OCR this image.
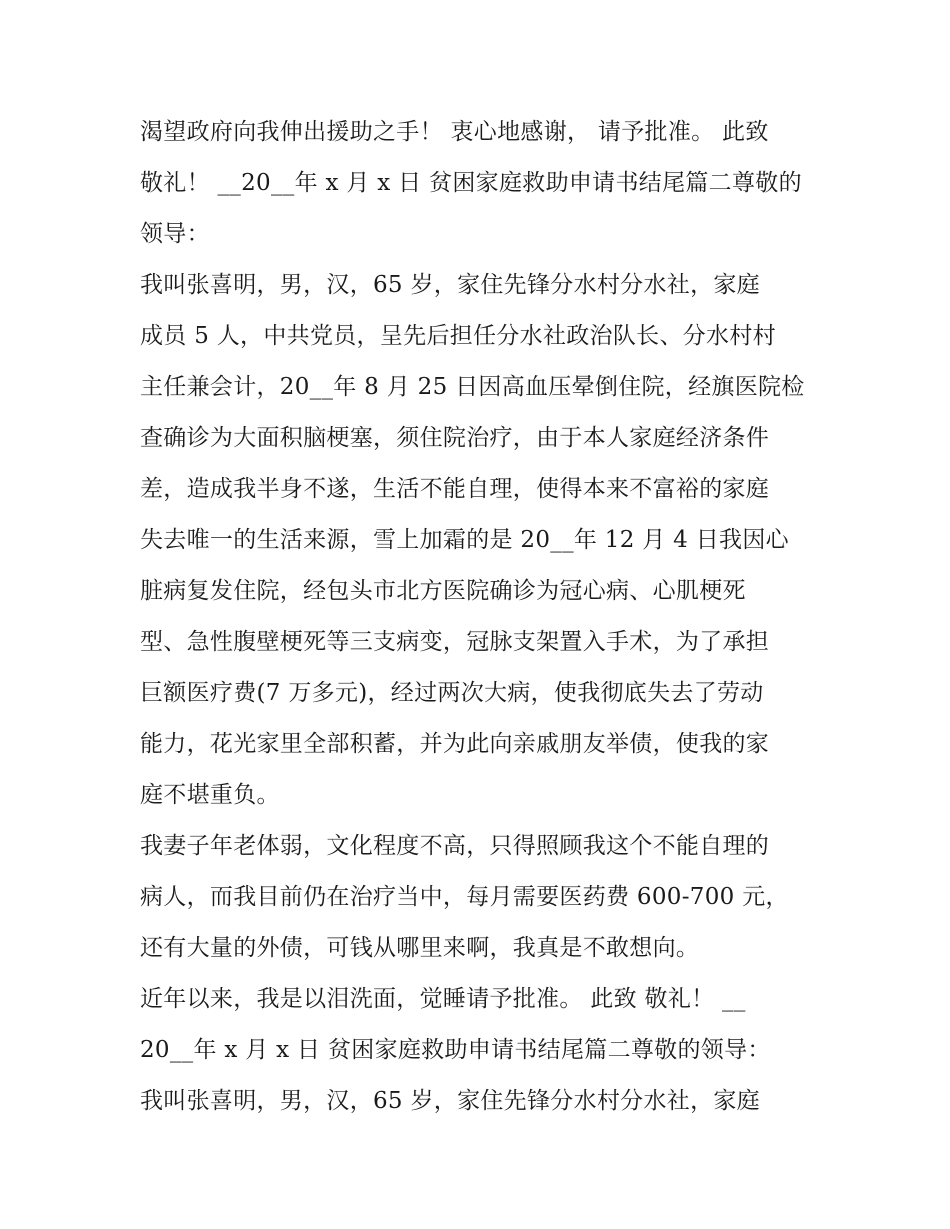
渴望政府向我伸出援助之手！ 衷心地感谢， 请予批准。 此致
敬礼！ __20__年 x 月 x 日 贫困家庭救助申请书结尾篇二尊敬的
领导：
我叫张喜明，男，汉，65 岁，家住先锋分水村分水社，家庭
成员 5 人，中共党员，呈先后担任分水社政治队长、分水村村
主任兼会计，20__年 8 月 25 日因高血压晕倒住院，经旗医院检
查确诊为大面积脑梗塞，须住院治疗，由于本人家庭经济条件
差，造成我半身不遂，生活不能自理，使得本来不富裕的家庭
失去唯一的生活来源，雪上加霜的是 20__年 12 月 4 日我因心
脏病复发住院，经包头市北方医院确诊为冠心病、心肌梗死
型、急性腹壁梗死等三支病变，冠脉支架置入手术，为了承担
巨额医疗费(7 万多元)，经过两次大病，使我彻底失去了劳动
能力，花光家里全部积蓄，并为此向亲戚朋友举债，使我的家
庭不堪重负。
我妻子年老体弱，文化程度不高，只得照顾我这个不能自理的
病人，而我目前仍在治疗当中，每月需要医药费 600-700 元，
还有大量的外债，可钱从哪里来啊，我真是不敢想向。
近年以来，我是以泪洗面，觉睡请予批准。 此致 敬礼！ __
20__年 x 月 x 日 贫困家庭救助申请书结尾篇二尊敬的领导：
我叫张喜明，男，汉，65 岁，家住先锋分水村分水社，家庭
